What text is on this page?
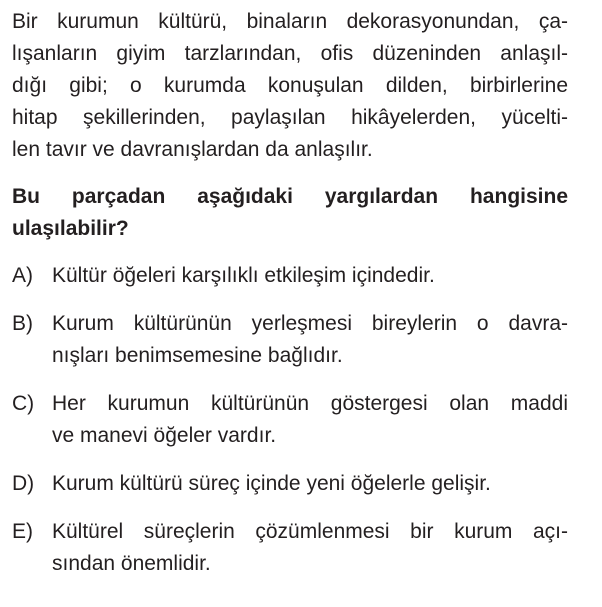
Bir kurumun kültürü, binaların dekorasyonundan, ça-
lışanların giyim tarzlarından, ofis düzeninden anlaşıl-
dığı gibi; o kurumda konuşulan dilden, birbirlerine
hitap şekillerinden, paylaşılan hikâyelerden, yücelti-
len tavır ve davranışlardan da anlaşılır.

Bu parçadan aşağıdaki yargılardan hangisine
ulaşılabilir?

A) Kültür öğeleri karşılıklı etkileşim içindedir.
B) Kurum kültürünün yerleşmesi bireylerin o davra-
nışları benimsemesine bağlıdır.
C) Her kurumun kültürünün göstergesi olan maddi
ve manevi öğeler vardır.
D) Kurum kültürü süreç içinde yeni öğelerle gelişir.
E) Kültürel süreçlerin çözümlenmesi bir kurum açı-
sından önemlidir.
